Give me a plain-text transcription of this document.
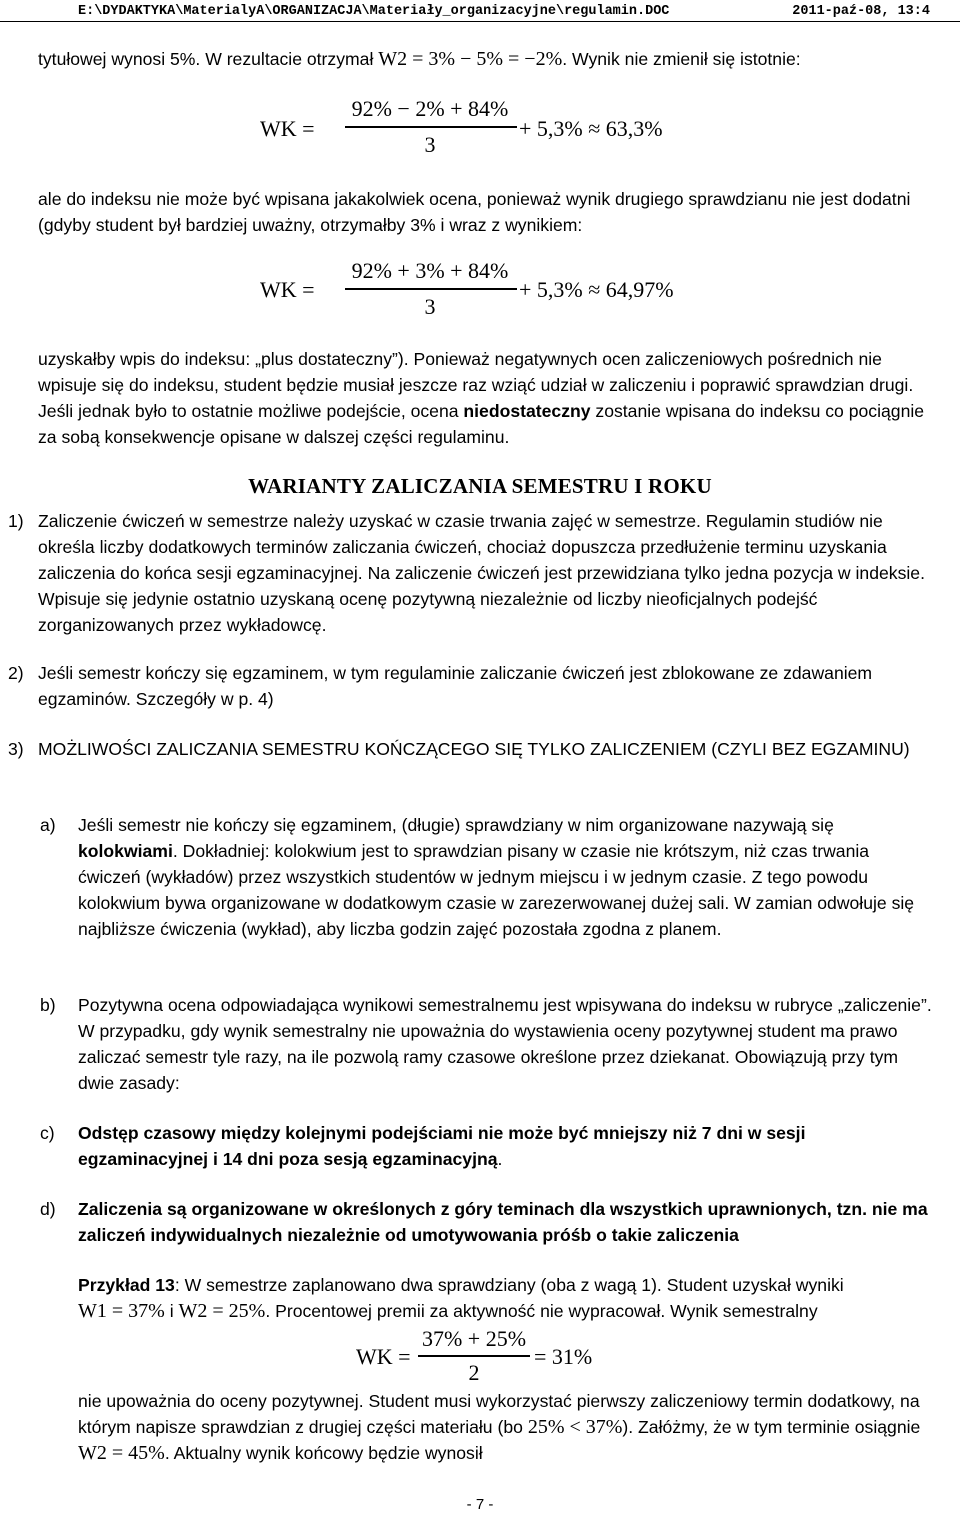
E:\DYDAKTYKA\MaterialyA\ORGANIZACJA\Materiały_organizacyjne\regulamin.DOC	2011-paź-08, 13:4

tytułowej wynosi 5%. W rezultacie otrzymał W2 = 3% − 5% = −2%. Wynik nie zmienił się istotnie:

WK =
92% − 2% + 84%
3
+ 5,3% ≈ 63,3%

ale do indeksu nie może być wpisana jakakolwiek ocena, ponieważ wynik drugiego sprawdzianu nie jest dodatni (gdyby student był bardziej uważny, otrzymałby 3% i wraz z wynikiem:

WK =
92% + 3% + 84%
3
+ 5,3% ≈ 64,97%

uzyskałby wpis do indeksu: „plus dostateczny”). Ponieważ negatywnych ocen zaliczeniowych pośrednich nie wpisuje się do indeksu, student będzie musiał jeszcze raz wziąć udział w zaliczeniu i poprawić sprawdzian drugi. Jeśli jednak było to ostatnie możliwe podejście, ocena niedostateczny zostanie wpisana do indeksu co pociągnie za sobą konsekwencje opisane w dalszej części regulaminu.

WARIANTY ZALICZANIA SEMESTRU I ROKU
1) Zaliczenie ćwiczeń w semestrze należy uzyskać w czasie trwania zajęć w semestrze. Regulamin studiów nie określa liczby dodatkowych terminów zaliczania ćwiczeń, chociaż dopuszcza przedłużenie terminu uzyskania zaliczenia do końca sesji egzaminacyjnej. Na zaliczenie ćwiczeń jest przewidziana tylko jedna pozycja w indeksie. Wpisuje się jedynie ostatnio uzyskaną ocenę pozytywną niezależnie od liczby nieoficjalnych podejść zorganizowanych przez wykładowcę.

2) Jeśli semestr kończy się egzaminem, w tym regulaminie zaliczanie ćwiczeń jest zblokowane ze zdawaniem egzaminów. Szczegóły w p. 4)

3) MOŻLIWOŚCI ZALICZANIA SEMESTRU KOŃCZĄCEGO SIĘ TYLKO ZALICZENIEM (CZYLI BEZ EGZAMINU)

a) Jeśli semestr nie kończy się egzaminem, (długie) sprawdziany w nim organizowane nazywają się kolokwiami. Dokładniej: kolokwium jest to sprawdzian pisany w czasie nie krótszym, niż czas trwania ćwiczeń (wykładów) przez wszystkich studentów w jednym miejscu i w jednym czasie. Z tego powodu kolokwium bywa organizowane w dodatkowym czasie w zarezerwowanej dużej sali. W zamian odwołuje się najbliższe ćwiczenia (wykład), aby liczba godzin zajęć pozostała zgodna z planem.

b) Pozytywna ocena odpowiadająca wynikowi semestralnemu jest wpisywana do indeksu w rubryce „zaliczenie”. W przypadku, gdy wynik semestralny nie upoważnia do wystawienia oceny pozytywnej student ma prawo zaliczać semestr tyle razy, na ile pozwolą ramy czasowe określone przez dziekanat. Obowiązują przy tym dwie zasady:

c) Odstęp czasowy między kolejnymi podejściami nie może być mniejszy niż 7 dni w sesji egzaminacyjnej i 14 dni poza sesją egzaminacyjną.

d) Zaliczenia są organizowane w określonych z góry teminach dla wszystkich uprawnionych, tzn. nie ma zaliczeń indywidualnych niezależnie od umotywowania próśb o takie zaliczenia

Przykład 13: W semestrze zaplanowano dwa sprawdziany (oba z wagą 1). Student uzyskał wyniki
W1 = 37% i W2 = 25%. Procentowej premii za aktywność nie wypracował. Wynik semestralny

WK =
37% + 25%
2
= 31%

nie upoważnia do oceny pozytywnej. Student musi wykorzystać pierwszy zaliczeniowy termin dodatkowy, na którym napisze sprawdzian z drugiej części materiału (bo 25% < 37%). Załóżmy, że w tym terminie osiągnie W2 = 45%. Aktualny wynik końcowy będzie wynosił

- 7 -
